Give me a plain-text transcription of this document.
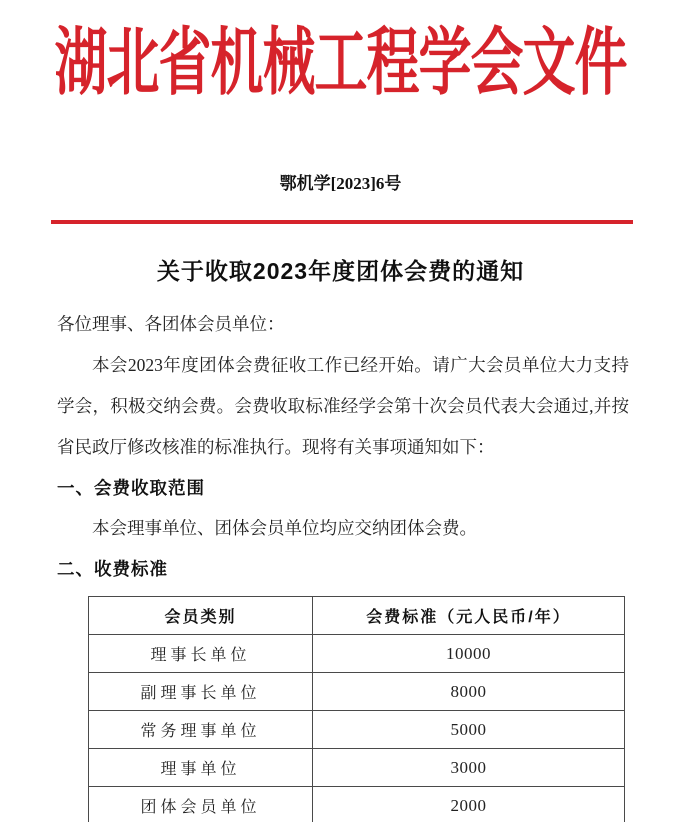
湖北省机械工程学会文件
鄂机学[2023]6号
关于收取2023年度团体会费的通知

各位理事、各团体会员单位：

本会2023年度团体会费征收工作已经开始。请广大会员单位大力支持学会，积极交纳会费。会费收取标准经学会第十次会员代表大会通过,并按省民政厅修改核准的标准执行。现将有关事项通知如下：

一、会费收取范围

本会理事单位、团体会员单位均应交纳团体会费。

二、收费标准

会员类别	会费标准（元人民币/年）
理事长单位	10000
副理事长单位	8000
常务理事单位	5000
理事单位	3000
团体会员单位	2000
